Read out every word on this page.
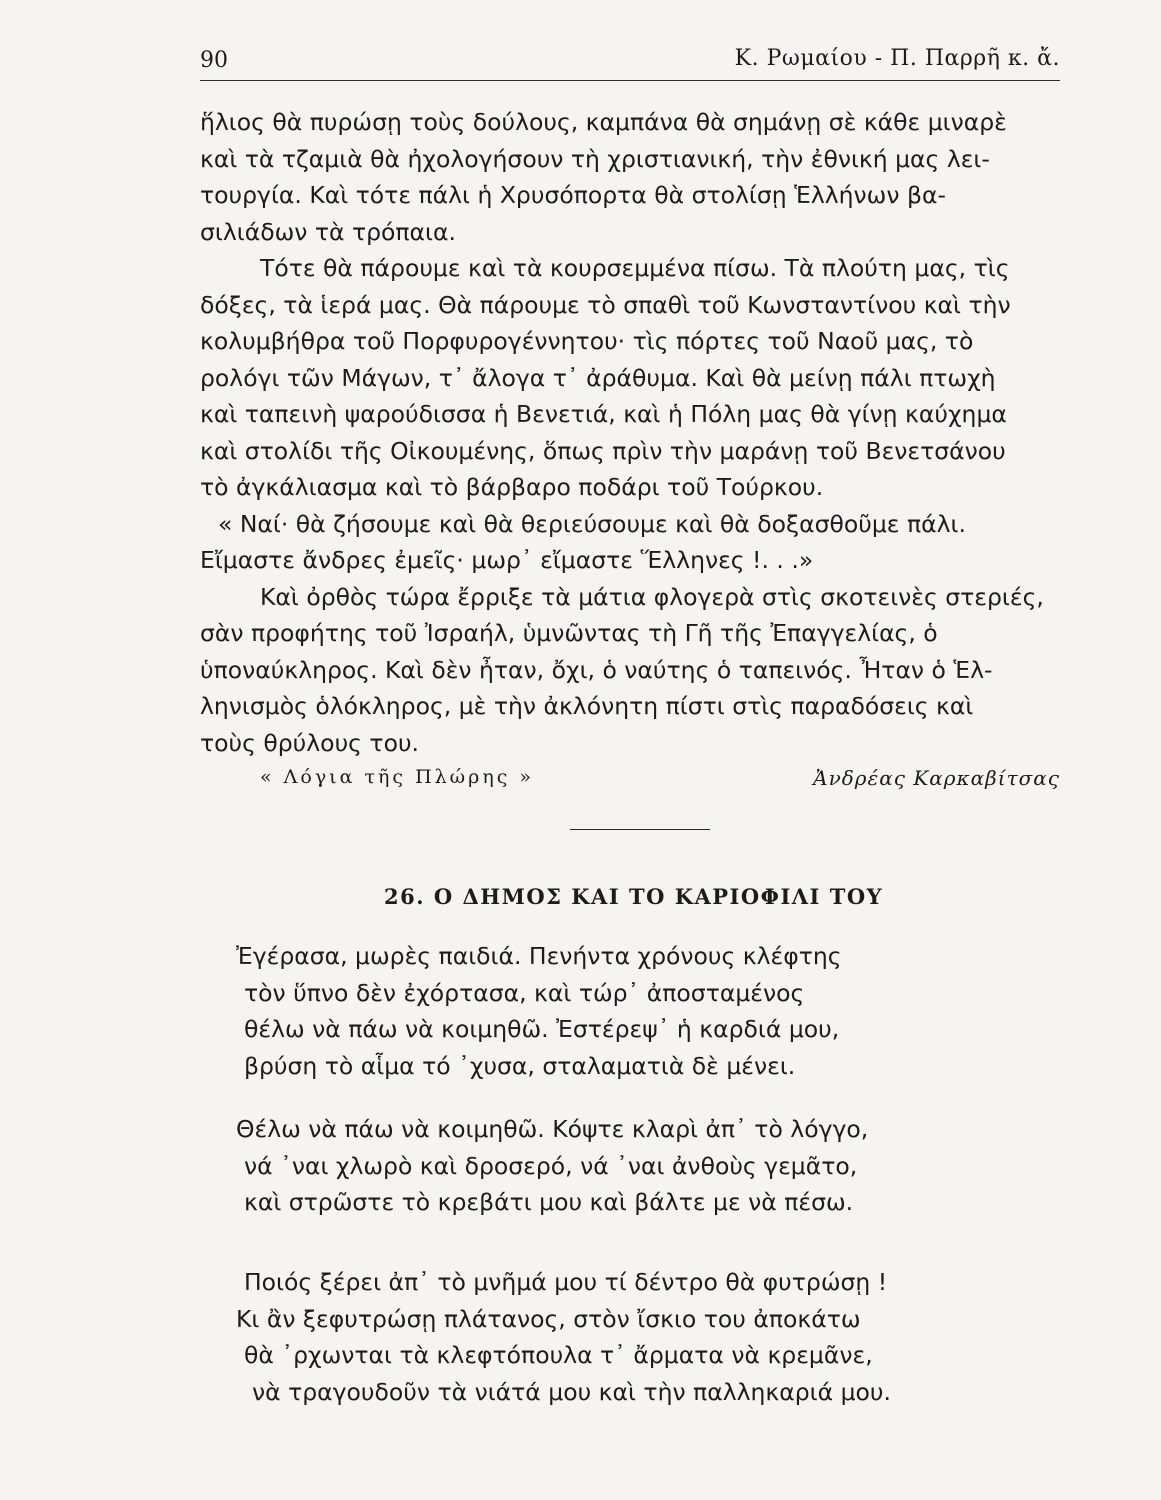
90	Κ. Ρωμαίου - Π. Παρρῆ κ. ἄ.
ἥλιος θὰ πυρώσῃ τοὺς δούλους, καμπάνα θὰ σημάνῃ σὲ κάθε μιναρὲ
καὶ τὰ τζαμιὰ θὰ ἠχολογήσουν τὴ χριστιανική, τὴν ἐθνική μας λει-
τουργία. Καὶ τότε πάλι ἡ Χρυσόπορτα θὰ στολίσῃ Ἑλλήνων βα-
σιλιάδων τὰ τρόπαια.
Τότε θὰ πάρουμε καὶ τὰ κουρσεμμένα πίσω. Τὰ πλούτη μας, τὶς
δόξες, τὰ ἱερά μας. Θὰ πάρουμε τὸ σπαθὶ τοῦ Κωνσταντίνου καὶ τὴν
κολυμβήθρα τοῦ Πορφυρογέννητου· τὶς πόρτες τοῦ Ναοῦ μας, τὸ
ρολόγι τῶν Μάγων, τ᾽ ἄλογα τ᾽ ἀράθυμα. Καὶ θὰ μείνῃ πάλι πτωχὴ
καὶ ταπεινὴ ψαρούδισσα ἡ Βενετιά, καὶ ἡ Πόλη μας θὰ γίνῃ καύχημα
καὶ στολίδι τῆς Οἰκουμένης, ὅπως πρὶν τὴν μαράνῃ τοῦ Βενετσάνου
τὸ ἀγκάλιασμα καὶ τὸ βάρβαρο ποδάρι τοῦ Τούρκου.
« Ναί· θὰ ζήσουμε καὶ θὰ θεριεύσουμε καὶ θὰ δοξασθοῦμε πάλι.
Εἴμαστε ἄνδρες ἐμεῖς· μωρ᾽ εἴμαστε Ἕλληνες !. . .»
Καὶ ὀρθὸς τώρα ἔρριξε τὰ μάτια φλογερὰ στὶς σκοτεινὲς στεριές,
σὰν προφήτης τοῦ Ἰσραήλ, ὑμνῶντας τὴ Γῆ τῆς Ἐπαγγελίας, ὁ
ὑποναύκληρος. Καὶ δὲν ἦταν, ὄχι, ὁ ναύτης ὁ ταπεινός. Ἦταν ὁ Ἑλ-
ληνισμὸς ὁλόκληρος, μὲ τὴν ἀκλόνητη πίστι στὶς παραδόσεις καὶ
τοὺς θρύλους του.
« Λόγια τῆς Πλώρης »	Ἀνδρέας Καρκαβίτσας
26. Ο ΔΗΜΟΣ ΚΑΙ ΤΟ ΚΑΡΙΟΦΙΛΙ ΤΟΥ
Ἐγέρασα, μωρὲς παιδιά. Πενήντα χρόνους κλέφτης
τὸν ὕπνο δὲν ἐχόρτασα, καὶ τώρ᾽ ἀποσταμένος
θέλω νὰ πάω νὰ κοιμηθῶ. Ἐστέρεψ᾽ ἡ καρδιά μου,
βρύση τὸ αἷμα τό ᾽χυσα, σταλαματιὰ δὲ μένει.
Θέλω νὰ πάω νὰ κοιμηθῶ. Κόψτε κλαρὶ ἀπ᾽ τὸ λόγγο,
νά ᾽ναι χλωρὸ καὶ δροσερό, νά ᾽ναι ἀνθοὺς γεμᾶτο,
καὶ στρῶστε τὸ κρεβάτι μου καὶ βάλτε με νὰ πέσω.
Ποιός ξέρει ἀπ᾽ τὸ μνῆμά μου τί δέντρο θὰ φυτρώσῃ !
Κι ἂν ξεφυτρώσῃ πλάτανος, στὸν ἴσκιο του ἀποκάτω
θὰ ᾽ρχωνται τὰ κλεφτόπουλα τ᾽ ἄρματα νὰ κρεμᾶνε,
νὰ τραγουδοῦν τὰ νιάτά μου καὶ τὴν παλληκαριά μου.
